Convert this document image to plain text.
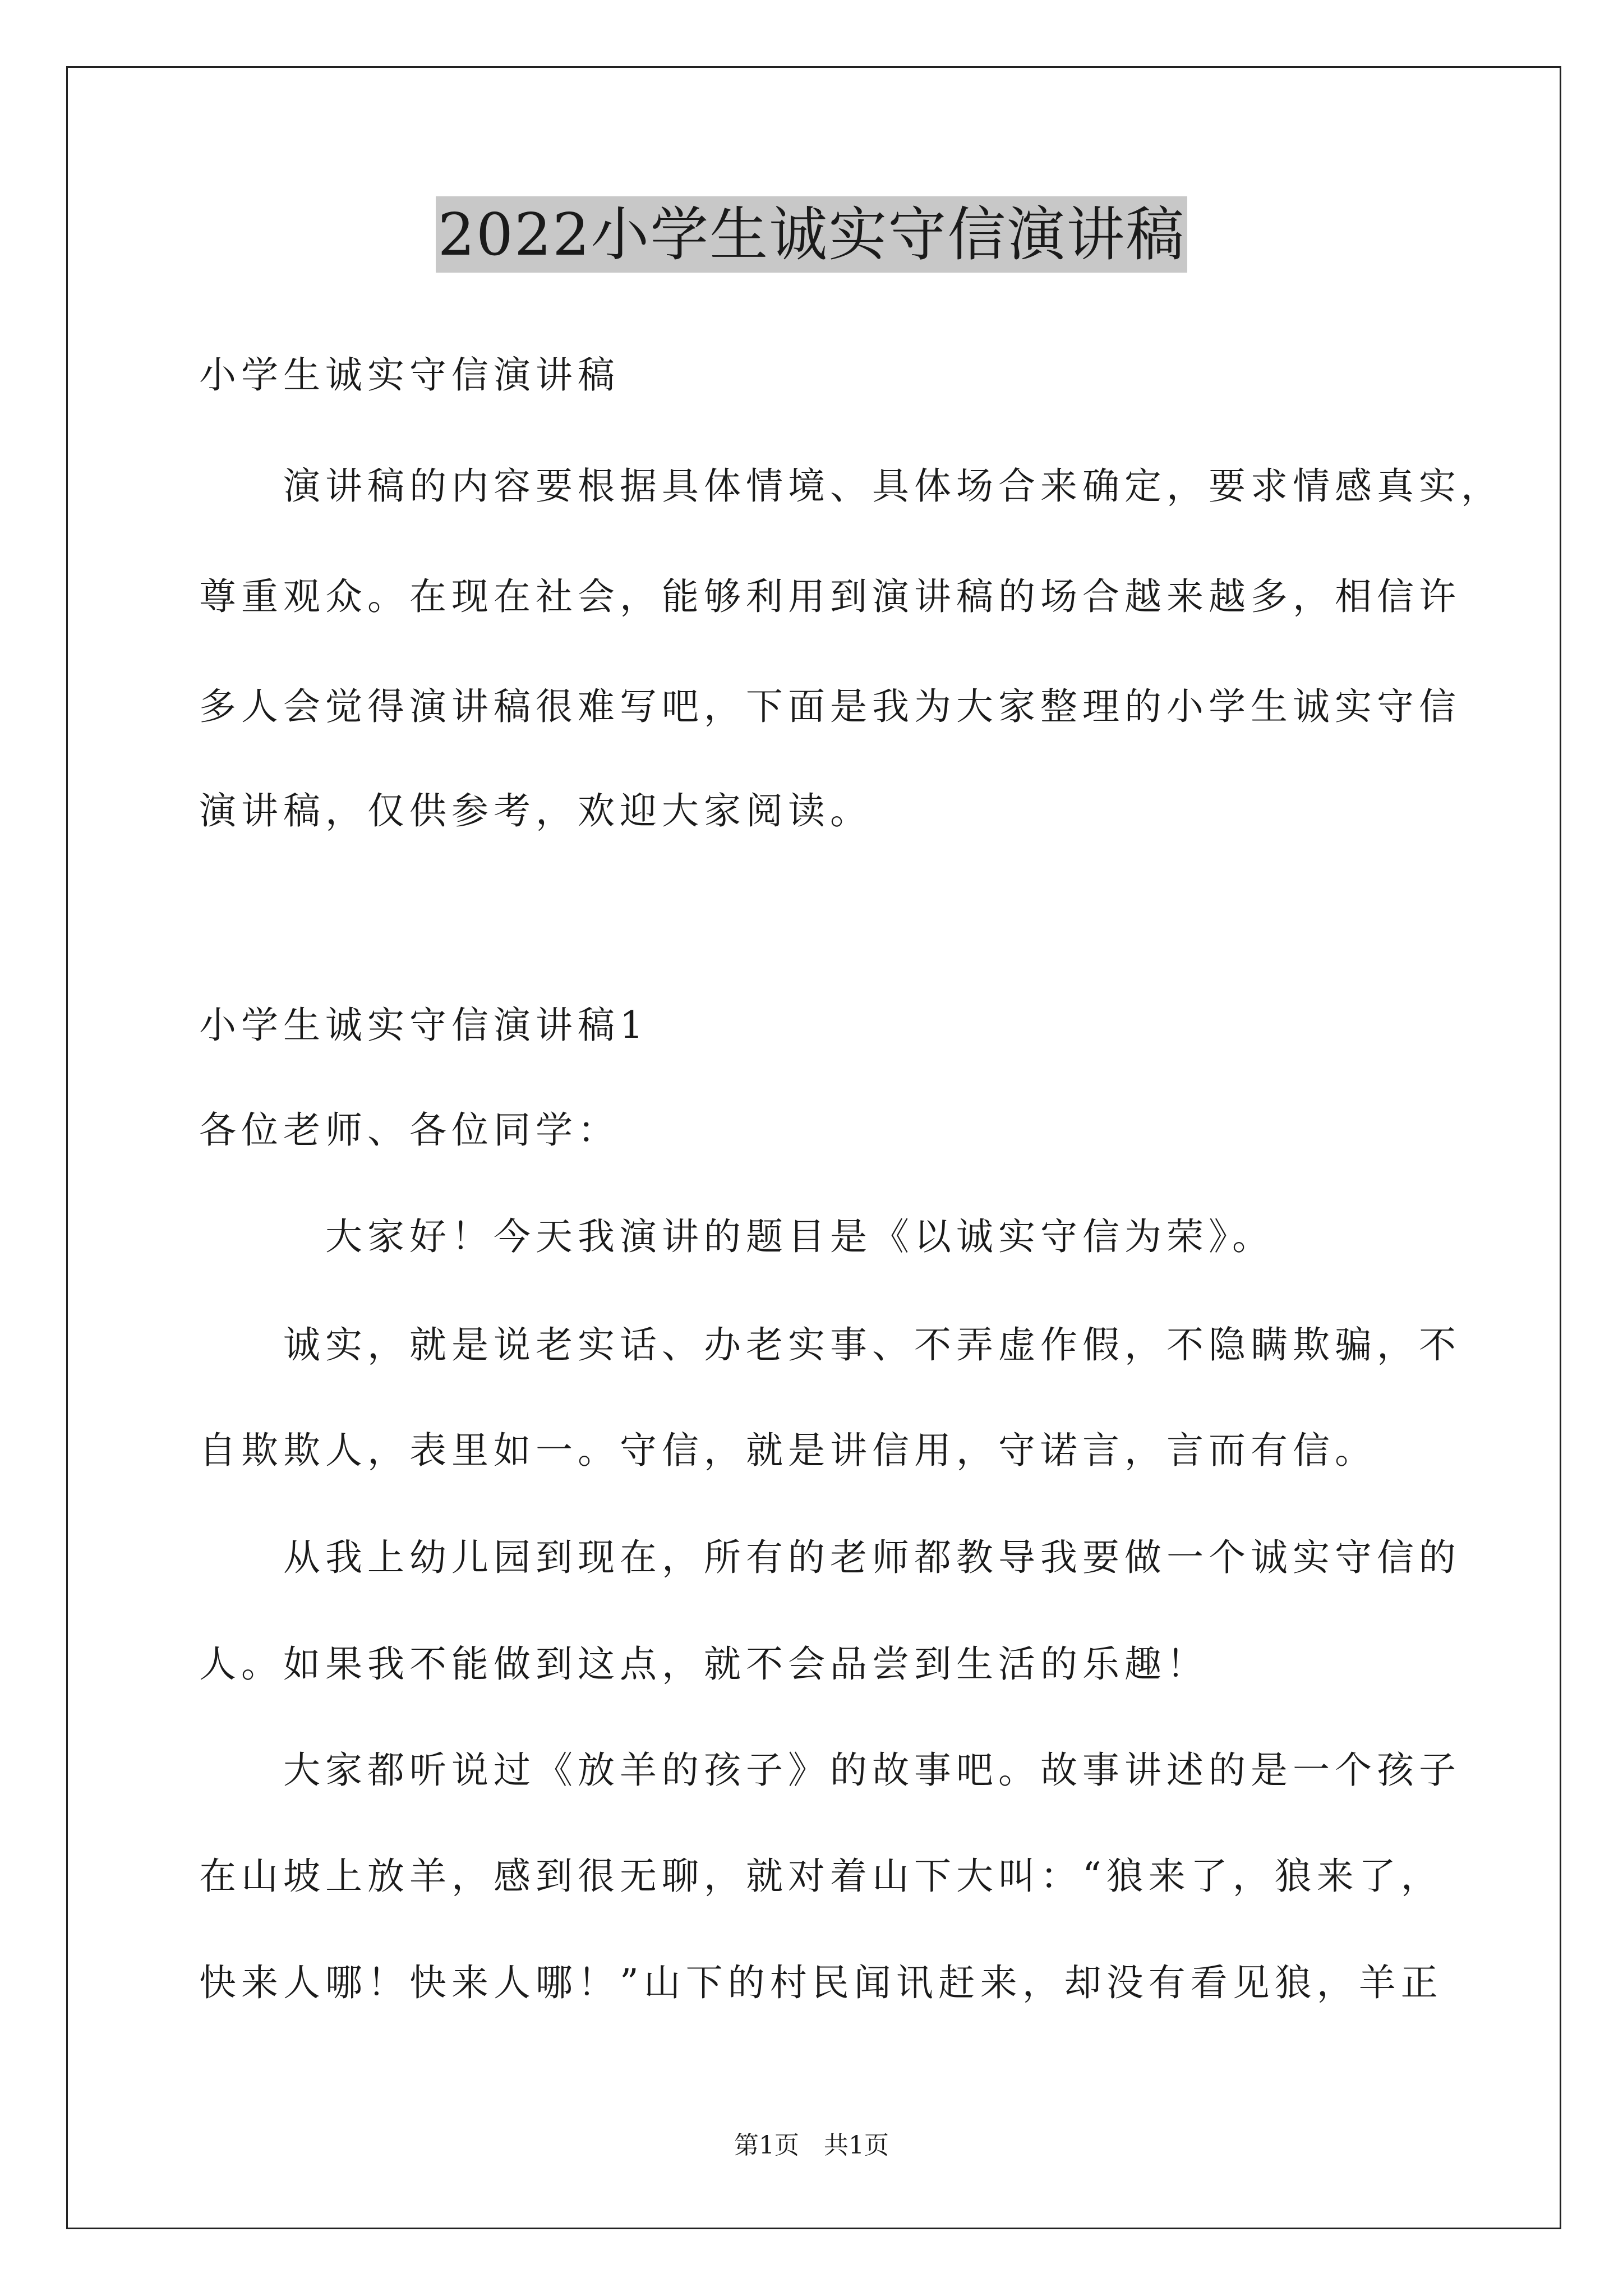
2022小学生诚实守信演讲稿
小学生诚实守信演讲稿
　　演讲稿的内容要根据具体情境、具体场合来确定，要求情感真实，
尊重观众。在现在社会，能够利用到演讲稿的场合越来越多，相信许
多人会觉得演讲稿很难写吧，下面是我为大家整理的小学生诚实守信
演讲稿，仅供参考，欢迎大家阅读。
小学生诚实守信演讲稿1
各位老师、各位同学：
　　　大家好！今天我演讲的题目是《以诚实守信为荣》。
　　诚实，就是说老实话、办老实事、不弄虚作假，不隐瞒欺骗，不
自欺欺人，表里如一。守信，就是讲信用，守诺言，言而有信。
　　从我上幼儿园到现在，所有的老师都教导我要做一个诚实守信的
人。如果我不能做到这点，就不会品尝到生活的乐趣！
　　大家都听说过《放羊的孩子》的故事吧。故事讲述的是一个孩子
在山坡上放羊，感到很无聊，就对着山下大叫：“狼来了，狼来了，
快来人哪！快来人哪！”山下的村民闻讯赶来，却没有看见狼，羊正
第1页　共1页
